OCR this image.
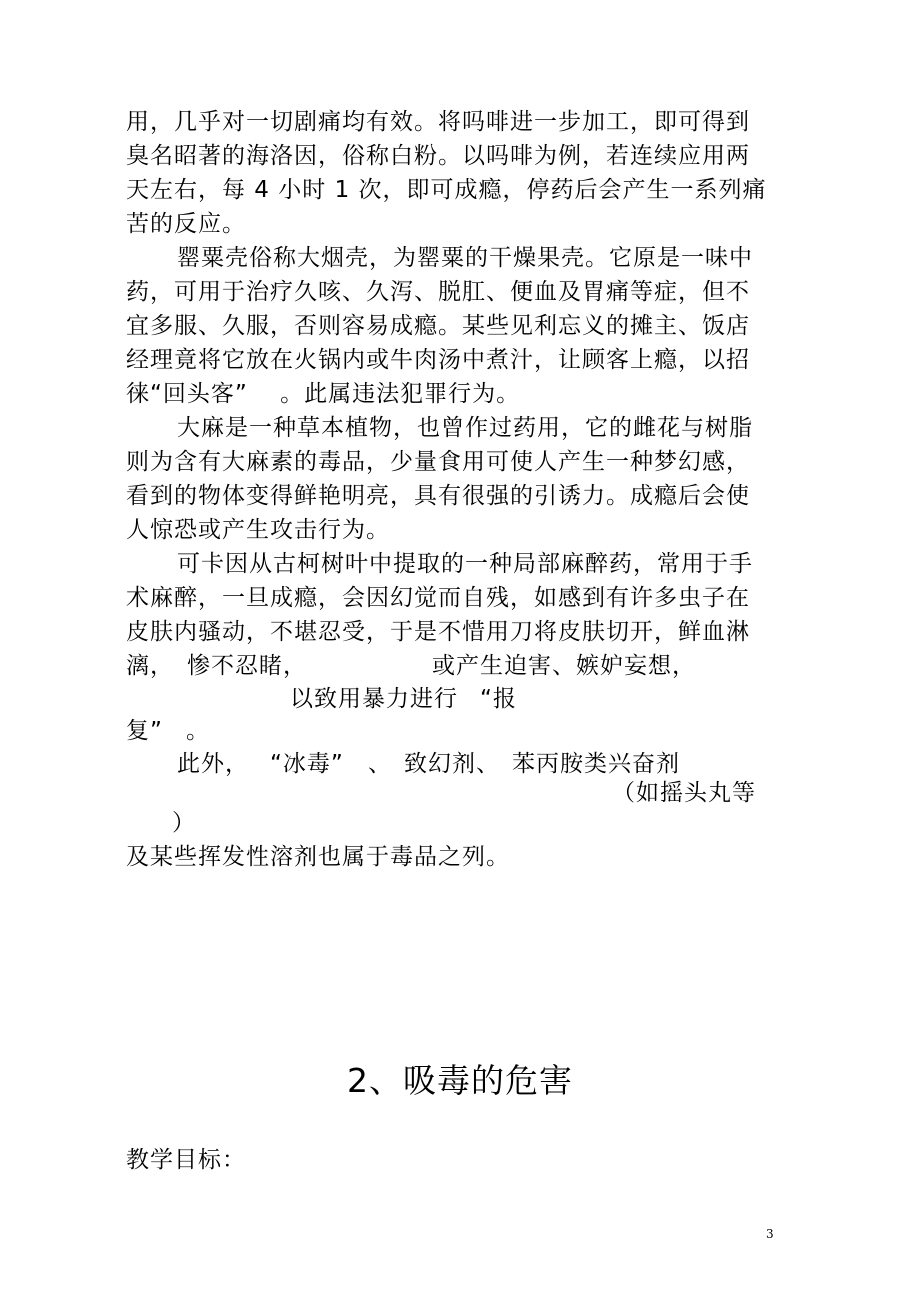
用，几乎对一切剧痛均有效。将吗啡进一步加工，即可得到
臭名昭著的海洛因，俗称白粉。以吗啡为例，若连续应用两
天左右，每 4 小时 1 次，即可成瘾，停药后会产生一系列痛
苦的反应。
罂粟壳俗称大烟壳，为罂粟的干燥果壳。它原是一味中
药，可用于治疗久咳、久泻、脱肛、便血及胃痛等症，但不
宜多服、久服，否则容易成瘾。某些见利忘义的摊主、饭店
经理竟将它放在火锅内或牛肉汤中煮汁，让顾客上瘾，以招
徕“回头客”　 。此属违法犯罪行为。
大麻是一种草本植物，也曾作过药用，它的雌花与树脂
则为含有大麻素的毒品，少量食用可使人产生一种梦幻感，
看到的物体变得鲜艳明亮，具有很强的引诱力。成瘾后会使
人惊恐或产生攻击行为。
可卡因从古柯树叶中提取的一种局部麻醉药，常用于手
术麻醉，一旦成瘾，会因幻觉而自残，如感到有许多虫子在
皮肤内骚动，不堪忍受，于是不惜用刀将皮肤切开，鲜血淋
漓， 惨不忍睹，	或产生迫害、嫉妒妄想，
以致用暴力进行 “报
复” 。
此外， “冰毒” 、 致幻剂、 苯丙胺类兴奋剂
（如摇头丸等
）
及某些挥发性溶剂也属于毒品之列。
2、吸毒的危害
教学目标：
3
